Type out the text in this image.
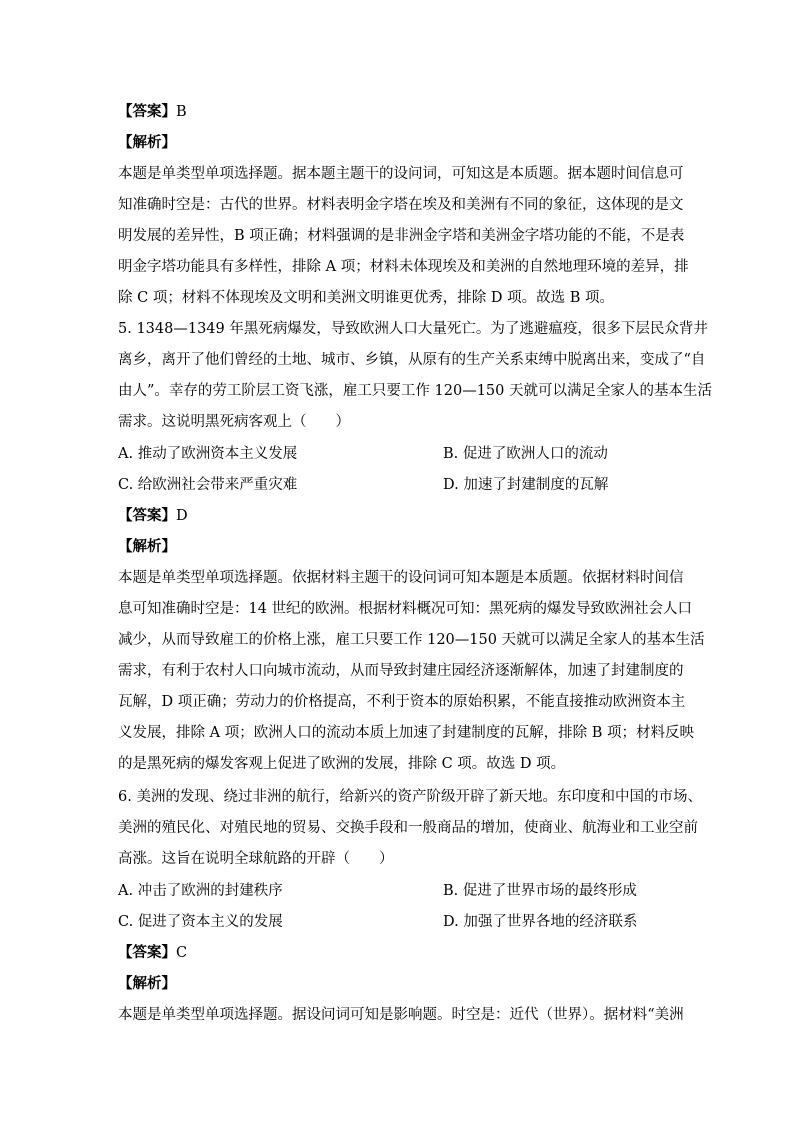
【答案】B
【解析】
本题是单类型单项选择题。据本题主题干的设问词，可知这是本质题。据本题时间信息可
知准确时空是：古代的世界。材料表明金字塔在埃及和美洲有不同的象征，这体现的是文
明发展的差异性，B 项正确；材料强调的是非洲金字塔和美洲金字塔功能的不能，不是表
明金字塔功能具有多样性，排除 A 项；材料未体现埃及和美洲的自然地理环境的差异，排
除 C 项；材料不体现埃及文明和美洲文明谁更优秀，排除 D 项。故选 B 项。
5. 1348—1349 年黑死病爆发，导致欧洲人口大量死亡。为了逃避瘟疫，很多下层民众背井
离乡，离开了他们曾经的土地、城市、乡镇，从原有的生产关系束缚中脱离出来，变成了“自
由人”。幸存的劳工阶层工资飞涨，雇工只要工作 120—150 天就可以满足全家人的基本生活
需求。这说明黑死病客观上（　　）
A. 推动了欧洲资本主义发展	B. 促进了欧洲人口的流动
C. 给欧洲社会带来严重灾难	D. 加速了封建制度的瓦解
【答案】D
【解析】
本题是单类型单项选择题。依据材料主题干的设问词可知本题是本质题。依据材料时间信
息可知准确时空是：14 世纪的欧洲。根据材料概况可知：黑死病的爆发导致欧洲社会人口
减少，从而导致雇工的价格上涨，雇工只要工作 120—150 天就可以满足全家人的基本生活
需求，有利于农村人口向城市流动，从而导致封建庄园经济逐渐解体，加速了封建制度的
瓦解，D 项正确；劳动力的价格提高，不利于资本的原始积累，不能直接推动欧洲资本主
义发展，排除 A 项；欧洲人口的流动本质上加速了封建制度的瓦解，排除 B 项；材料反映
的是黑死病的爆发客观上促进了欧洲的发展，排除 C 项。故选 D 项。
6. 美洲的发现、绕过非洲的航行，给新兴的资产阶级开辟了新天地。东印度和中国的市场、
美洲的殖民化、对殖民地的贸易、交换手段和一般商品的增加，使商业、航海业和工业空前
高涨。这旨在说明全球航路的开辟（　　）
A. 冲击了欧洲的封建秩序	B. 促进了世界市场的最终形成
C. 促进了资本主义的发展	D. 加强了世界各地的经济联系
【答案】C
【解析】
本题是单类型单项选择题。据设问词可知是影响题。时空是：近代（世界）。据材料“美洲
